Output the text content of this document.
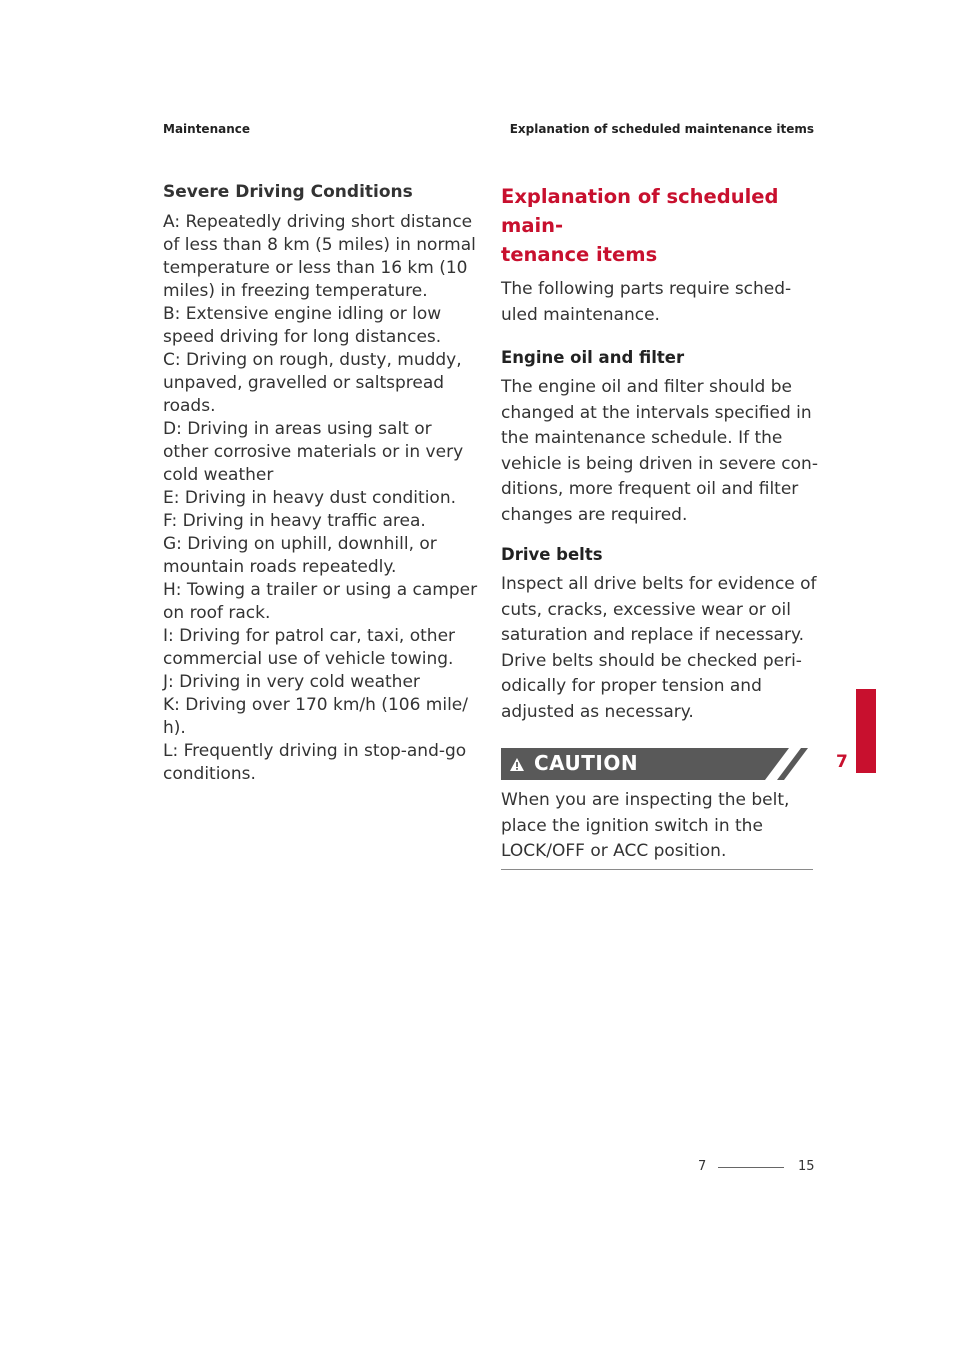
Maintenance	Explanation of scheduled maintenance items
Severe Driving Conditions
A: Repeatedly driving short distance
of less than 8 km (5 miles) in normal
temperature or less than 16 km (10
miles) in freezing temperature.
B: Extensive engine idling or low
speed driving for long distances.
C: Driving on rough, dusty, muddy,
unpaved, gravelled or saltspread
roads.
D: Driving in areas using salt or
other corrosive materials or in very
cold weather
E: Driving in heavy dust condition.
F: Driving in heavy traffic area.
G: Driving on uphill, downhill, or
mountain roads repeatedly.
H: Towing a trailer or using a camper
on roof rack.
I: Driving for patrol car, taxi, other
commercial use of vehicle towing.
J: Driving in very cold weather
K: Driving over 170 km/h (106 mile/
h).
L: Frequently driving in stop-and-go
conditions.
Explanation of scheduled main-
tenance items
The following parts require sched-
uled maintenance.
Engine oil and filter
The engine oil and filter should be
changed at the intervals specified in
the maintenance schedule. If the
vehicle is being driven in severe con-
ditions, more frequent oil and filter
changes are required.
Drive belts
Inspect all drive belts for evidence of
cuts, cracks, excessive wear or oil
saturation and replace if necessary.
Drive belts should be checked peri-
odically for proper tension and
adjusted as necessary.
CAUTION
When you are inspecting the belt,
place the ignition switch in the
LOCK/OFF or ACC position.
7
7	15
